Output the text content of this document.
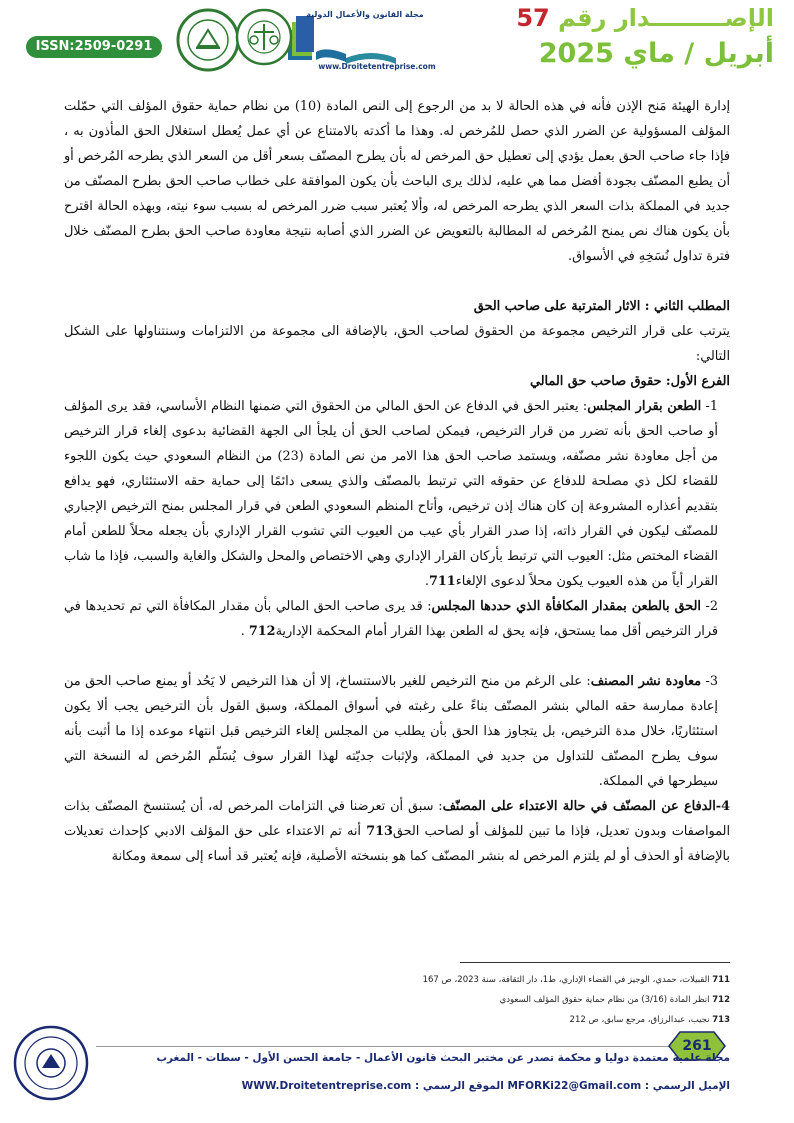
الإصـــــــــدار رقم 57
أبريل / ماي 2025
مجلة القانون والأعمال الدولية
www.Droitetentreprise.com
ISSN:2509-0291

إدارة الهيئة مَنح الإذن فأنه في هذه الحالة لا بد من الرجوع إلى النص المادة (10) من نظام حماية حقوق المؤلف التي حمّلت المؤلف المسؤولية عن الضرر الذي حصل للمُرخص له. وهذا ما أكدته بالامتناع عن أي عمل يُعطل استغلال الحق المأذون به ، فإذا جاء صاحب الحق بعمل يؤدي إلى تعطيل حق المرخص له بأن يطرح المصنّف بسعر أقل من السعر الذي يطرحه المُرخص أو أن يطبع المصنّف بجودة أفضل مما هي عليه، لذلك يرى الباحث بأن يكون الموافقة على خطاب صاحب الحق بطرح المصنّف من جديد في المملكة بذات السعر الذي يطرحه المرخص له، وألا يُعتبر سبب ضرر المرخص له بسبب سوء نيته، وبهذه الحالة اقترح بأن يكون هناك نص يمنح المُرخص له المطالبة بالتعويض عن الضرر الذي أصابه نتيجة معاودة صاحب الحق بطرح المصنّف خلال فترة تداول نُسَخِهِ في الأسواق.

المطلب الثاني : الاثار المترتبة على صاحب الحق

يترتب على قرار الترخيص مجموعة من الحقوق لصاحب الحق، بالإضافة الى مجموعة من الالتزامات وسنتناولها على الشكل التالي:

الفرع الأول: حقوق صاحب حق المالي

1- الطعن بقرار المجلس: يعتبر الحق في الدفاع عن الحق المالي من الحقوق التي ضمنها النظام الأساسي، فقد يرى المؤلف أو صاحب الحق بأنه تضرر من قرار الترخيص، فيمكن لصاحب الحق أن يلجأ الى الجهة القضائية بدعوى إلغاء قرار الترخيص من أجل معاودة نشر مصنّفه، ويستمد صاحب الحق هذا الامر من نص المادة (23) من النظام السعودي حيث يكون اللجوء للقضاء لكل ذي مصلحة للدفاع عن حقوقه التي ترتبط بالمصنّف والذي يسعى دائمًا إلى حماية حقه الاستئثاري، فهو يدافع بتقديم أعذاره المشروعة إن كان هناك إذن ترخيص، وأتاح المنظم السعودي الطعن في قرار المجلس بمنح الترخيص الإجباري للمصنّف ليكون في القرار ذاته، إذا صدر القرار بأي عيب من العيوب التي تشوب القرار الإداري بأن يجعله محلاً للطعن أمام القضاء المختص مثل: العيوب التي ترتبط بأركان القرار الإداري وهي الاختصاص والمحل والشكل والغاية والسبب، فإذا ما شاب القرار أياً من هذه العيوب يكون محلاً لدعوى الإلغاء711.

2- الحق بالطعن بمقدار المكافأة الذي حددها المجلس: قد يرى صاحب الحق المالي بأن مقدار المكافأة التي تم تحديدها في قرار الترخيص أقل مما يستحق، فإنه يحق له الطعن بهذا القرار أمام المحكمة الإدارية712 .

3- معاودة نشر المصنف: على الرغم من منح الترخيص للغير بالاستنساخ، إلا أن هذا الترخيص لا يَحُد أو يمنع صاحب الحق من إعادة ممارسة حقه المالي بنشر المصنّف بناءً على رغبته في أسواق المملكة، وسبق القول بأن الترخيص يجب ألا يكون استئثاريًا، خلال مدة الترخيص، بل يتجاوز هذا الحق بأن يطلب من المجلس إلغاء الترخيص قبل انتهاء موعده إذا ما أثبت بأنه سوف يطرح المصنّف للتداول من جديد في المملكة، ولإثبات جديّته لهذا القرار سوف يُسَلّم المُرخص له النسخة التي سيطرحها في المملكة.

4-الدفاع عن المصنّف في حالة الاعتداء على المصنّف: سبق أن تعرضنا في التزامات المرخص له، أن يُستنسخ المصنّف بذات المواصفات وبدون تعديل، فإذا ما تبين للمؤلف أو لصاحب الحق713 أنه تم الاعتداء على حق المؤلف الادبي كإحداث تعديلات بالإضافة أو الحذف أو لم يلتزم المرخص له بنشر المصنّف كما هو بنسخته الأصلية، فإنه يُعتبر قد أساء إلى سمعة ومكانة

711 القبيلات، حمدي، الوجيز في القضاء الإداري، ط1، دار الثقافة، سنة 2023، ص 167
712 انظر المادة (3/16) من نظام حماية حقوق المؤلف السعودي
713 نجيب، عبدالرزاق، مرجع سابق، ص 212
261
مجلة علمية معتمدة دوليا و محكمة تصدر عن مختبر البحث قانون الأعمال - جامعة الحسن الأول - سطات - المغرب
الإميل الرسمي : MFORKi22@Gmail.com الموقع الرسمي : WWW.Droitetentreprise.com
